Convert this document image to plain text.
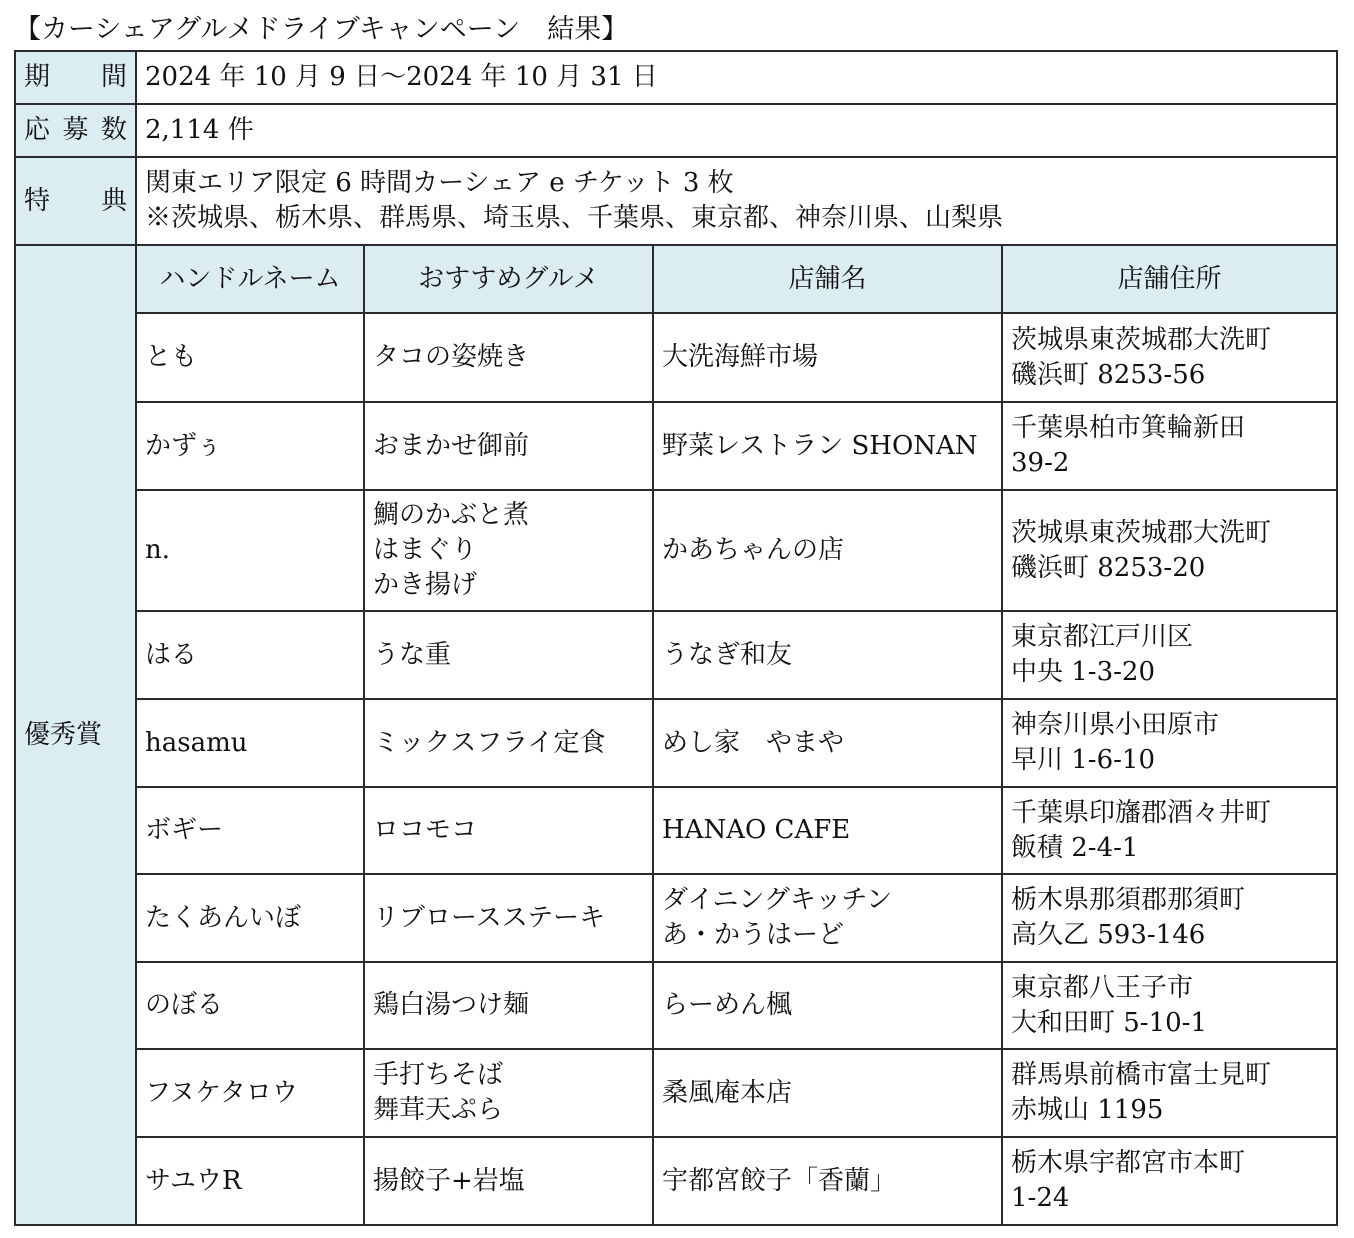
【カーシェアグルメドライブキャンペーン　結果】
期 間	2024 年 10 月 9 日〜2024 年 10 月 31 日			

応 募 数	2,114 件			

特 典	関東エリア限定 6 時間カーシェア e チケット 3 枚
※茨城県、栃木県、群馬県、埼玉県、千葉県、東京都、神奈川県、山梨県			

優秀賞	ハンドルネーム	おすすめグルメ	店舗名	店舗住所

	とも	タコの姿焼き	大洗海鮮市場	茨城県東茨城郡大洗町
磯浜町 8253-56

	かずぅ	おまかせ御前	野菜レストラン SHONAN	千葉県柏市箕輪新田
39-2

	n.	鯛のかぶと煮
はまぐり
かき揚げ	かあちゃんの店	茨城県東茨城郡大洗町
磯浜町 8253-20

	はる	うな重	うなぎ和友	東京都江戸川区
中央 1-3-20

	hasamu	ミックスフライ定食	めし家　やまや	神奈川県小田原市
早川 1-6-10

	ボギー	ロコモコ	HANAO CAFE	千葉県印旛郡酒々井町
飯積 2-4-1

	たくあんいぼ	リブロースステーキ	ダイニングキッチン
あ・かうはーど	栃木県那須郡那須町
高久乙 593-146

	のぼる	鶏白湯つけ麺	らーめん楓	東京都八王子市
大和田町 5-10-1

	フヌケタロウ	手打ちそば
舞茸天ぷら	桑風庵本店	群馬県前橋市富士見町
赤城山 1195

	サユウR	揚餃子+岩塩	宇都宮餃子「香蘭」	栃木県宇都宮市本町
1-24
